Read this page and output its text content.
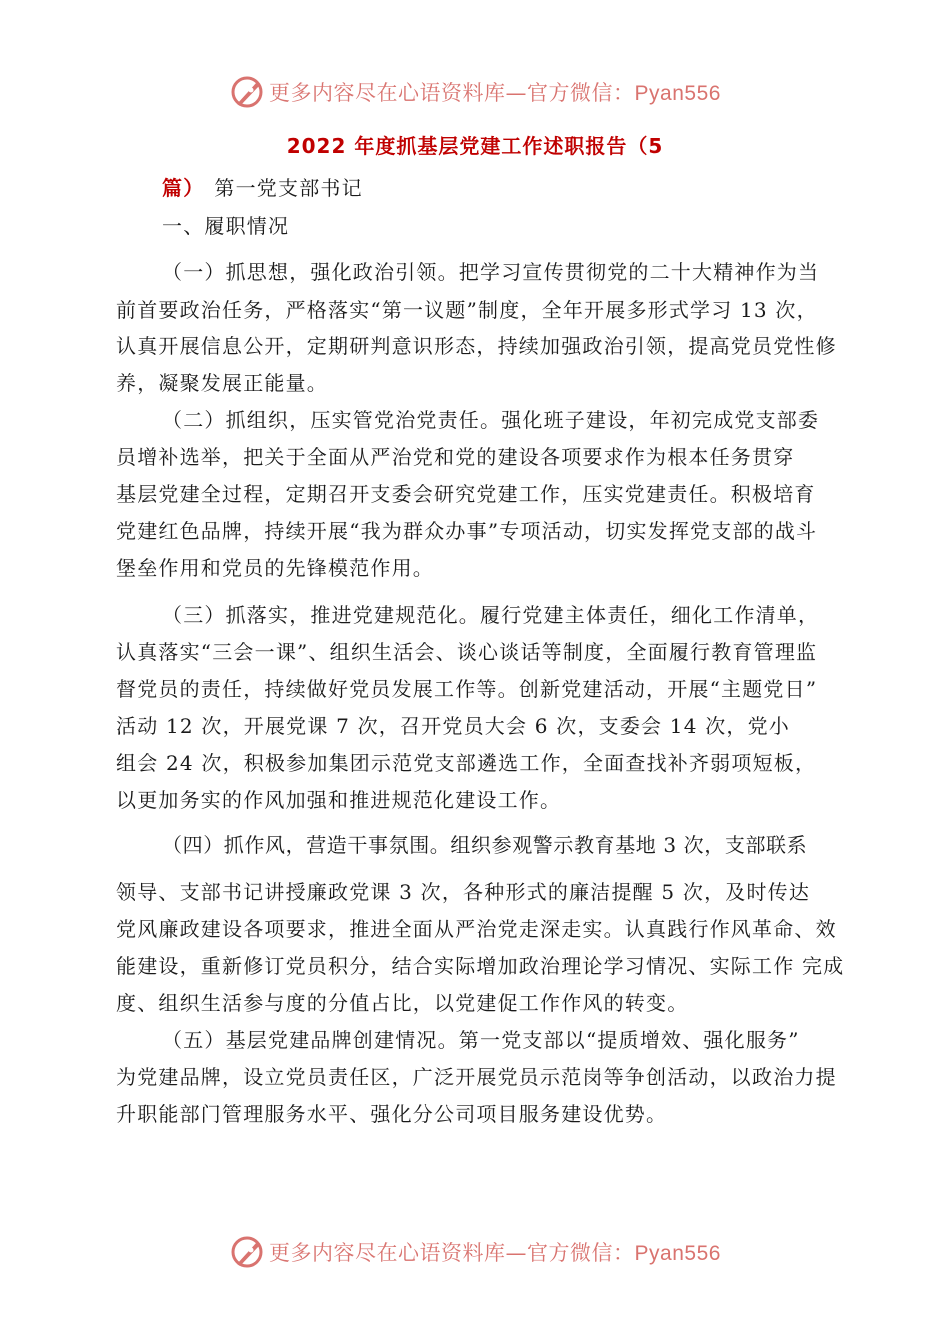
更多内容尽在心语资料库—官方微信：Pyan556
2022 年度抓基层党建工作述职报告（5
篇） 第一党支部书记
一、履职情况
（一）抓思想，强化政治引领。把学习宣传贯彻党的二十大精神作为当
前首要政治任务，严格落实“第一议题”制度，全年开展多形式学习 13 次，
认真开展信息公开，定期研判意识形态，持续加强政治引领，提高党员党性修
养，凝聚发展正能量。
（二）抓组织，压实管党治党责任。强化班子建设，年初完成党支部委
员增补选举，把关于全面从严治党和党的建设各项要求作为根本任务贯穿
基层党建全过程，定期召开支委会研究党建工作，压实党建责任。积极培育
党建红色品牌，持续开展“我为群众办事”专项活动，切实发挥党支部的战斗
堡垒作用和党员的先锋模范作用。
（三）抓落实，推进党建规范化。履行党建主体责任，细化工作清单，
认真落实“三会一课”、组织生活会、谈心谈话等制度，全面履行教育管理监
督党员的责任，持续做好党员发展工作等。创新党建活动，开展“主题党日”
活动 12 次，开展党课 7 次，召开党员大会 6 次，支委会 14 次，党小
组会 24 次，积极参加集团示范党支部遴选工作，全面查找补齐弱项短板，
以更加务实的作风加强和推进规范化建设工作。
（四）抓作风，营造干事氛围。组织参观警示教育基地 3 次，支部联系
领导、支部书记讲授廉政党课 3 次，各种形式的廉洁提醒 5 次，及时传达
党风廉政建设各项要求，推进全面从严治党走深走实。认真践行作风革命、效
能建设，重新修订党员积分，结合实际增加政治理论学习情况、实际工作 完成
度、组织生活参与度的分值占比，以党建促工作作风的转变。
（五）基层党建品牌创建情况。第一党支部以“提质增效、强化服务”
为党建品牌，设立党员责任区，广泛开展党员示范岗等争创活动，以政治力提
升职能部门管理服务水平、强化分公司项目服务建设优势。
更多内容尽在心语资料库—官方微信：Pyan556
